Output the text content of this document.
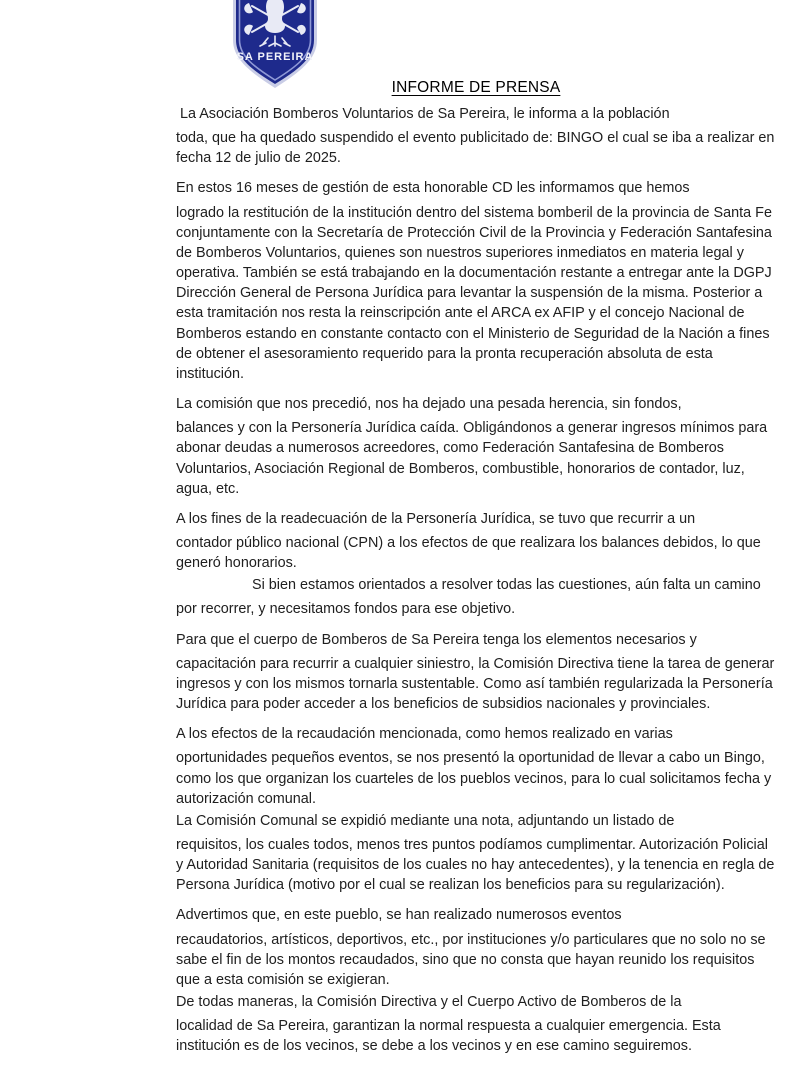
SA PEREIRA
INFORME DE PRENSA

La Asociación Bomberos Voluntarios de Sa Pereira, le informa a la población
toda, que ha quedado suspendido el evento publicitado de: BINGO el cual se iba a realizar en fecha 12 de julio de 2025.

En estos 16 meses de gestión de esta honorable CD les informamos que hemos
logrado la restitución de la institución dentro del sistema bomberil de la provincia de Santa Fe conjuntamente con la Secretaría de Protección Civil de la Provincia y Federación Santafesina de Bomberos Voluntarios, quienes son nuestros superiores inmediatos en materia legal y operativa. También se está trabajando en la documentación restante a entregar ante la DGPJ Dirección General de Persona Jurídica para levantar la suspensión de la misma. Posterior a esta tramitación nos resta la reinscripción ante el ARCA ex AFIP y el concejo Nacional de Bomberos estando en constante contacto con el Ministerio de Seguridad de la Nación a fines de obtener el asesoramiento requerido para la pronta recuperación absoluta de esta institución.

La comisión que nos precedió, nos ha dejado una pesada herencia, sin fondos,
balances y con la Personería Jurídica caída. Obligándonos a generar ingresos mínimos para abonar deudas a numerosos acreedores, como Federación Santafesina de Bomberos Voluntarios, Asociación Regional de Bomberos, combustible, honorarios de contador, luz, agua, etc.

A los fines de la readecuación de la Personería Jurídica, se tuvo que recurrir a un
contador público nacional (CPN) a los efectos de que realizara los balances debidos, lo que generó honorarios.

Si bien estamos orientados a resolver todas las cuestiones, aún falta un camino
por recorrer, y necesitamos fondos para ese objetivo.

Para que el cuerpo de Bomberos de Sa Pereira tenga los elementos necesarios y
capacitación para recurrir a cualquier siniestro, la Comisión Directiva tiene la tarea de generar ingresos y con los mismos tornarla sustentable. Como así también regularizada la Personería Jurídica para poder acceder a los beneficios de subsidios nacionales y provinciales.

A los efectos de la recaudación mencionada, como hemos realizado en varias
oportunidades pequeños eventos, se nos presentó la oportunidad de llevar a cabo un Bingo, como los que organizan los cuarteles de los pueblos vecinos, para lo cual solicitamos fecha y autorización comunal.

La Comisión Comunal se expidió mediante una nota, adjuntando un listado de
requisitos, los cuales todos, menos tres puntos podíamos cumplimentar. Autorización Policial y Autoridad Sanitaria (requisitos de los cuales no hay antecedentes), y la tenencia en regla de Persona Jurídica (motivo por el cual se realizan los beneficios para su regularización).

Advertimos que, en este pueblo, se han realizado numerosos eventos
recaudatorios, artísticos, deportivos, etc., por instituciones y/o particulares que no solo no se sabe el fin de los montos recaudados, sino que no consta que hayan reunido los requisitos que a esta comisión se exigieran.

De todas maneras, la Comisión Directiva y el Cuerpo Activo de Bomberos de la
localidad de Sa Pereira, garantizan la normal respuesta a cualquier emergencia. Esta institución es de los vecinos, se debe a los vecinos y en ese camino seguiremos.
